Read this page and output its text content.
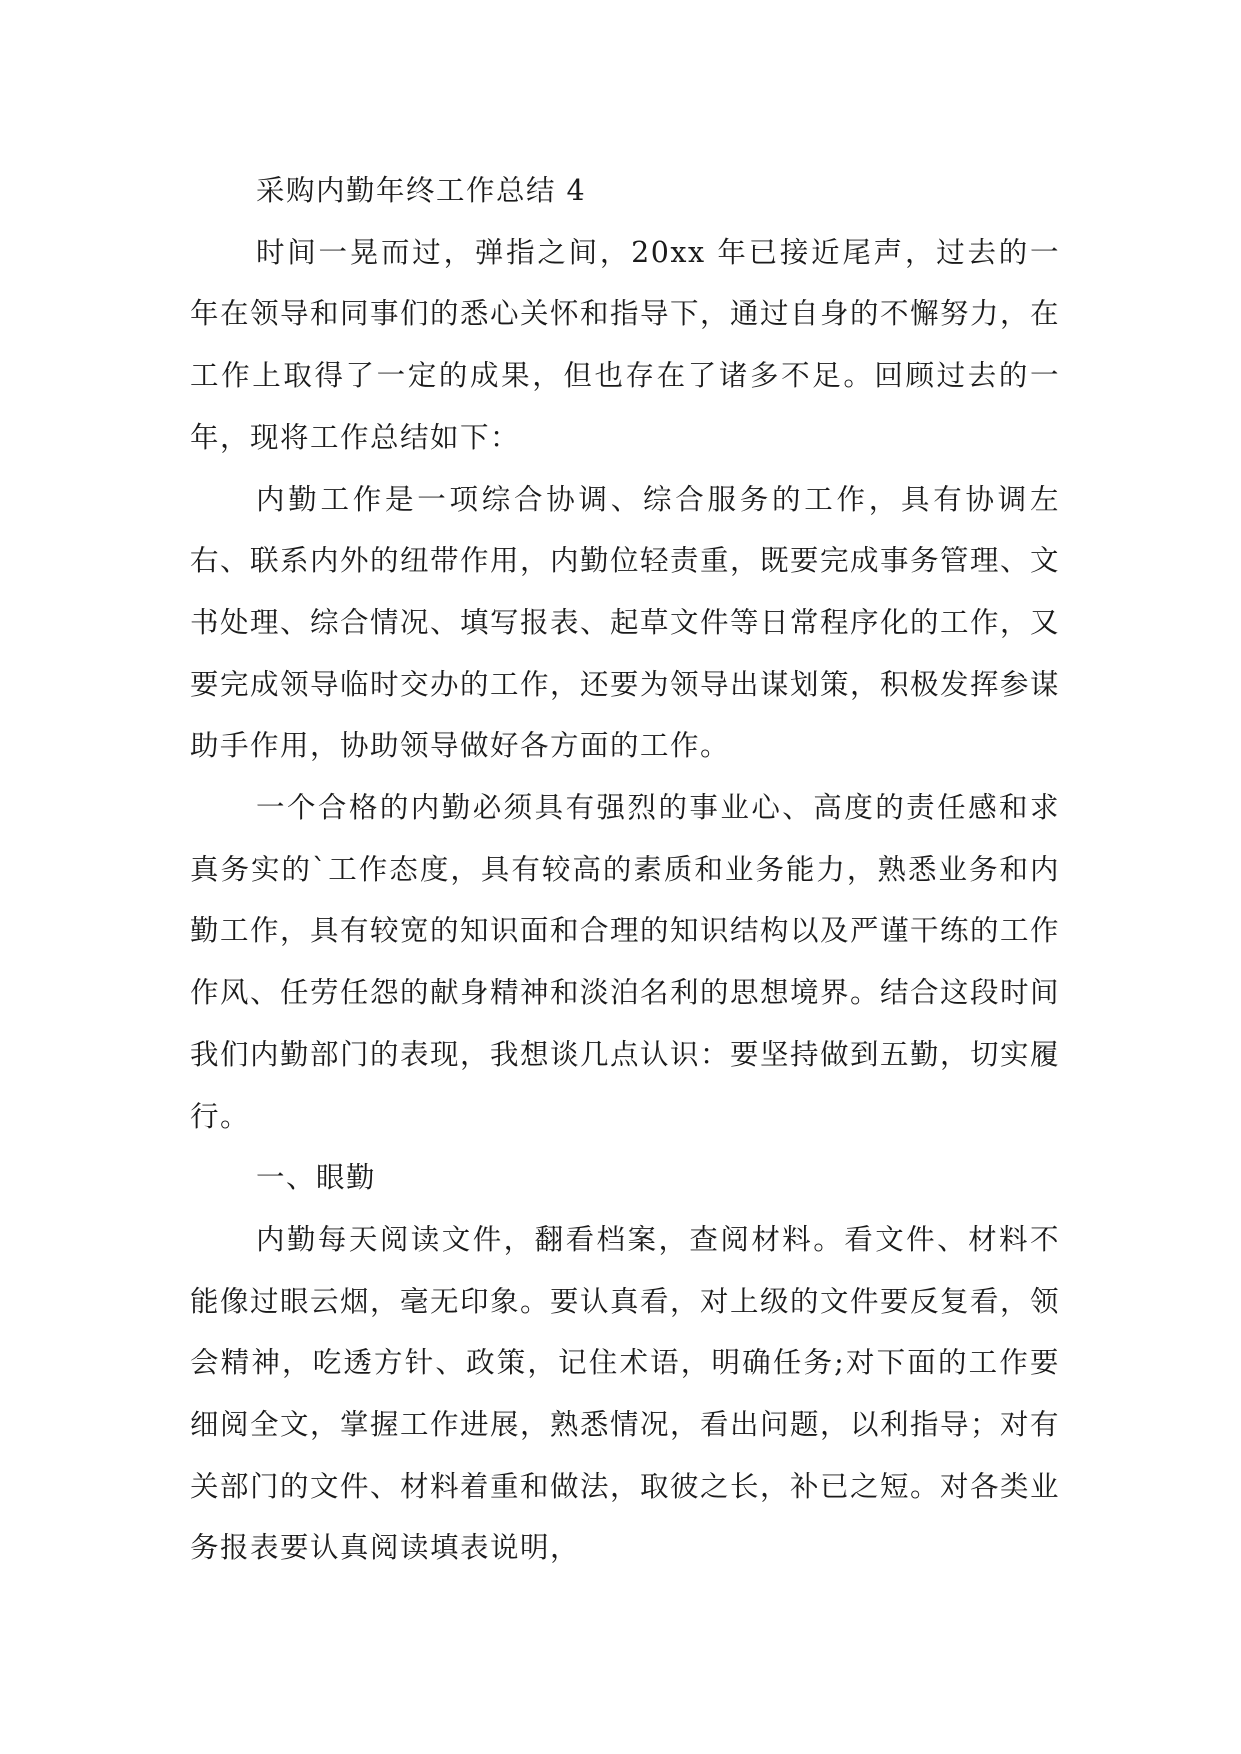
采购内勤年终工作总结 4

时间一晃而过，弹指之间，20xx 年已接近尾声，过去的一年在领导和同事们的悉心关怀和指导下，通过自身的不懈努力，在工作上取得了一定的成果，但也存在了诸多不足。回顾过去的一年，现将工作总结如下：

内勤工作是一项综合协调、综合服务的工作，具有协调左右、联系内外的纽带作用，内勤位轻责重，既要完成事务管理、文书处理、综合情况、填写报表、起草文件等日常程序化的工作，又要完成领导临时交办的工作，还要为领导出谋划策，积极发挥参谋助手作用，协助领导做好各方面的工作。

一个合格的内勤必须具有强烈的事业心、高度的责任感和求真务实的`工作态度，具有较高的素质和业务能力，熟悉业务和内勤工作，具有较宽的知识面和合理的知识结构以及严谨干练的工作作风、任劳任怨的献身精神和淡泊名利的思想境界。结合这段时间我们内勤部门的表现，我想谈几点认识：要坚持做到五勤，切实履行。

一、眼勤

内勤每天阅读文件，翻看档案，查阅材料。看文件、材料不能像过眼云烟，毫无印象。要认真看，对上级的文件要反复看，领会精神，吃透方针、政策，记住术语，明确任务;对下面的工作要细阅全文，掌握工作进展，熟悉情况，看出问题，以利指导；对有关部门的文件、材料着重和做法，取彼之长，补已之短。对各类业务报表要认真阅读填表说明，
